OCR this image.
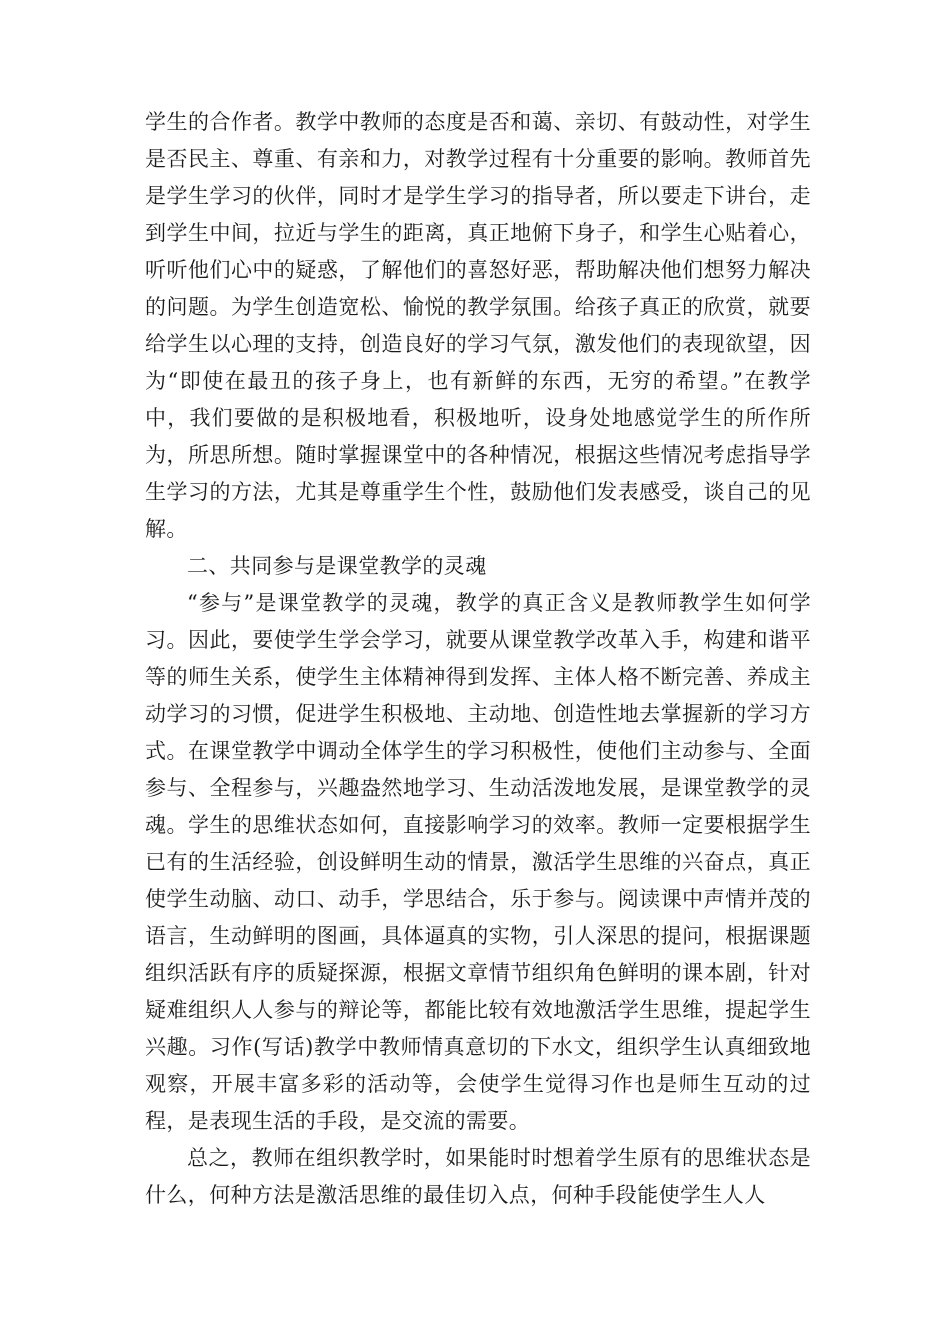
学生的合作者。教学中教师的态度是否和蔼、亲切、有鼓动性，对学生是否民主、尊重、有亲和力，对教学过程有十分重要的影响。教师首先是学生学习的伙伴，同时才是学生学习的指导者，所以要走下讲台，走到学生中间，拉近与学生的距离，真正地俯下身子，和学生心贴着心，听听他们心中的疑惑，了解他们的喜怒好恶，帮助解决他们想努力解决的问题。为学生创造宽松、愉悦的教学氛围。给孩子真正的欣赏，就要给学生以心理的支持，创造良好的学习气氛，激发他们的表现欲望，因为“即使在最丑的孩子身上，也有新鲜的东西，无穷的希望。”在教学中，我们要做的是积极地看，积极地听，设身处地感觉学生的所作所为，所思所想。随时掌握课堂中的各种情况，根据这些情况考虑指导学生学习的方法，尤其是尊重学生个性，鼓励他们发表感受，谈自己的见解。

二、共同参与是课堂教学的灵魂

“参与”是课堂教学的灵魂，教学的真正含义是教师教学生如何学习。因此，要使学生学会学习，就要从课堂教学改革入手，构建和谐平等的师生关系，使学生主体精神得到发挥、主体人格不断完善、养成主动学习的习惯，促进学生积极地、主动地、创造性地去掌握新的学习方式。在课堂教学中调动全体学生的学习积极性，使他们主动参与、全面参与、全程参与，兴趣盎然地学习、生动活泼地发展，是课堂教学的灵魂。学生的思维状态如何，直接影响学习的效率。教师一定要根据学生已有的生活经验，创设鲜明生动的情景，激活学生思维的兴奋点，真正使学生动脑、动口、动手，学思结合，乐于参与。阅读课中声情并茂的语言，生动鲜明的图画，具体逼真的实物，引人深思的提问，根据课题组织活跃有序的质疑探源，根据文章情节组织角色鲜明的课本剧，针对疑难组织人人参与的辩论等，都能比较有效地激活学生思维，提起学生兴趣。习作(写话)教学中教师情真意切的下水文，组织学生认真细致地观察，开展丰富多彩的活动等，会使学生觉得习作也是师生互动的过程，是表现生活的手段，是交流的需要。

总之，教师在组织教学时，如果能时时想着学生原有的思维状态是什么，何种方法是激活思维的最佳切入点，何种手段能使学生人人
